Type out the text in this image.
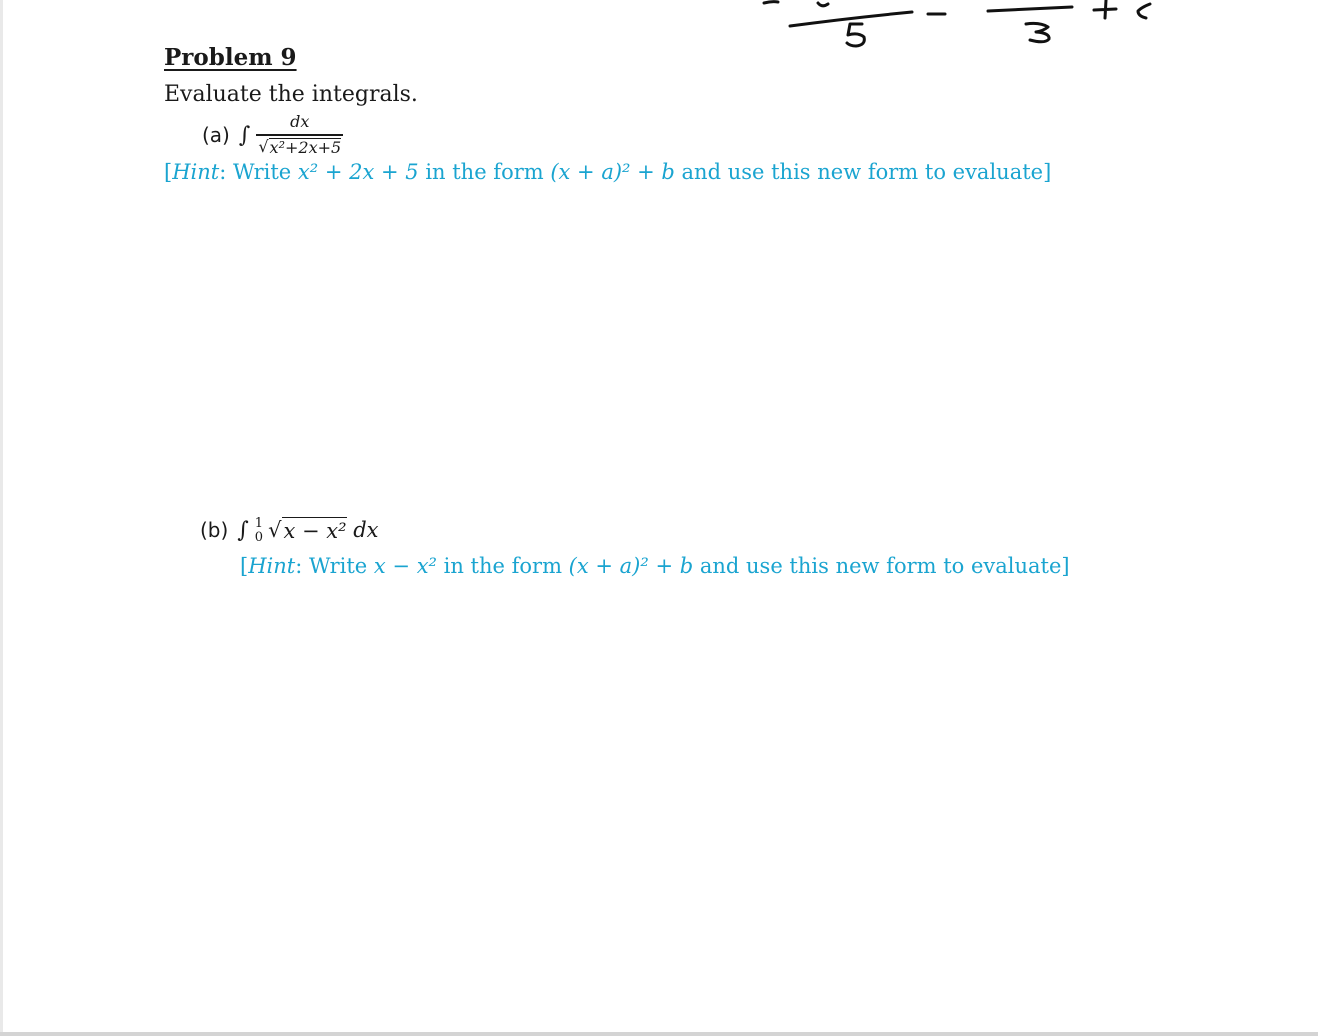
Problem 9
Evaluate the integrals.
(a) ∫ $\frac{dx}{\text{√ x²+2x+5}}$
[Hint: Write x² + 2x + 5 in the form (x + a)² + b and use this new form to evaluate]
(b) ∫ 1
0 √ x − x²
dx
[Hint: Write x − x² in the form (x + a)² + b and use this new form to evaluate]
